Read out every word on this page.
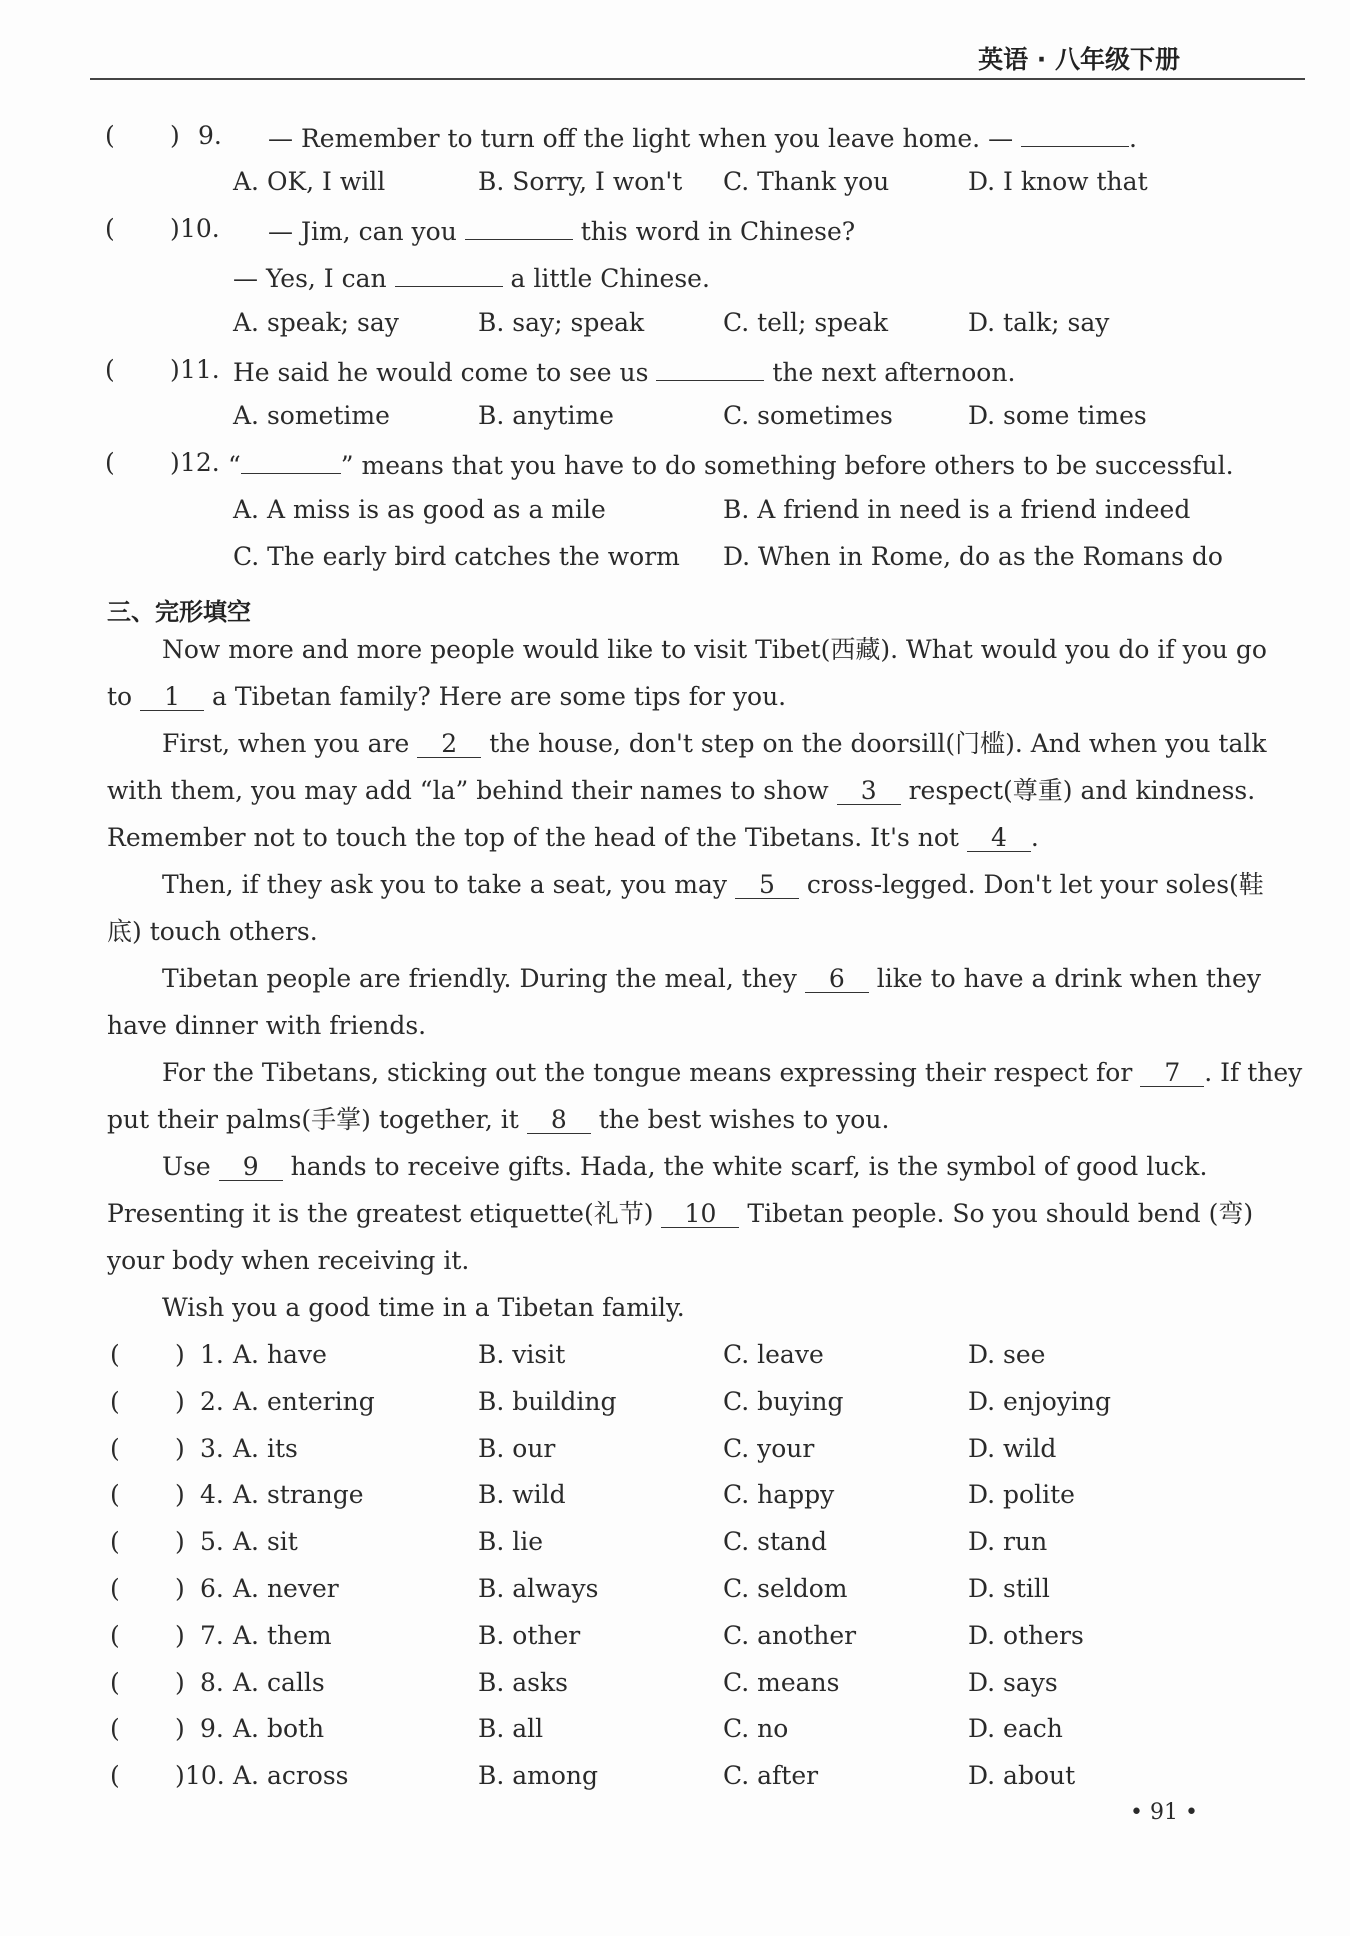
英语 · 八年级下册
( ) 9. — Remember to turn off the light when you leave home. —	.
A. OK, I will	B. Sorry, I won't C. Thank you	D. I know that
( ) 10. — Jim, can you	this word in Chinese?
— Yes, I can	a little Chinese.
A. speak; say	B. say; speak	C. tell; speak	D. talk; say
( ) 11. He said he would come to see us	the next afternoon.
A. sometime	B. anytime	C. sometimes	D. some times
( ) 12. “	” means that you have to do something before others to be successful.
A. A miss is as good as a mile	B. A friend in need is a friend indeed
C. The early bird catches the worm D. When in Rome, do as the Romans do
三、完形填空
Now more and more people would like to visit Tibet(西藏). What would you do if you go
to 1 a Tibetan family? Here are some tips for you.
First, when you are 2 the house, don't step on the doorsill(门槛). And when you talk
with them, you may add “la” behind their names to show 3 respect(尊重) and kindness.
Remember not to touch the top of the head of the Tibetans. It's not 4 .
Then, if they ask you to take a seat, you may 5 cross-legged. Don't let your soles(鞋
底) touch others.
Tibetan people are friendly. During the meal, they 6 like to have a drink when they
have dinner with friends.
For the Tibetans, sticking out the tongue means expressing their respect for 7 . If they
put their palms(手掌) together, it 8 the best wishes to you.
Use 9 hands to receive gifts. Hada, the white scarf, is the symbol of good luck.
Presenting it is the greatest etiquette(礼节) 10 Tibetan people. So you should bend (弯)
your body when receiving it.
Wish you a good time in a Tibetan family.
( ) 1. A. have	B. visit	C. leave	D. see
( ) 2. A. entering	B. building	C. buying	D. enjoying
( ) 3. A. its	B. our	C. your	D. wild
( ) 4. A. strange	B. wild	C. happy	D. polite
( ) 5. A. sit	B. lie	C. stand	D. run
( ) 6. A. never	B. always	C. seldom	D. still
( ) 7. A. them	B. other	C. another	D. others
( ) 8. A. calls	B. asks	C. means	D. says
( ) 9. A. both	B. all	C. no	D. each
( ) 10. A. across	B. among	C. after	D. about
• 91 •
